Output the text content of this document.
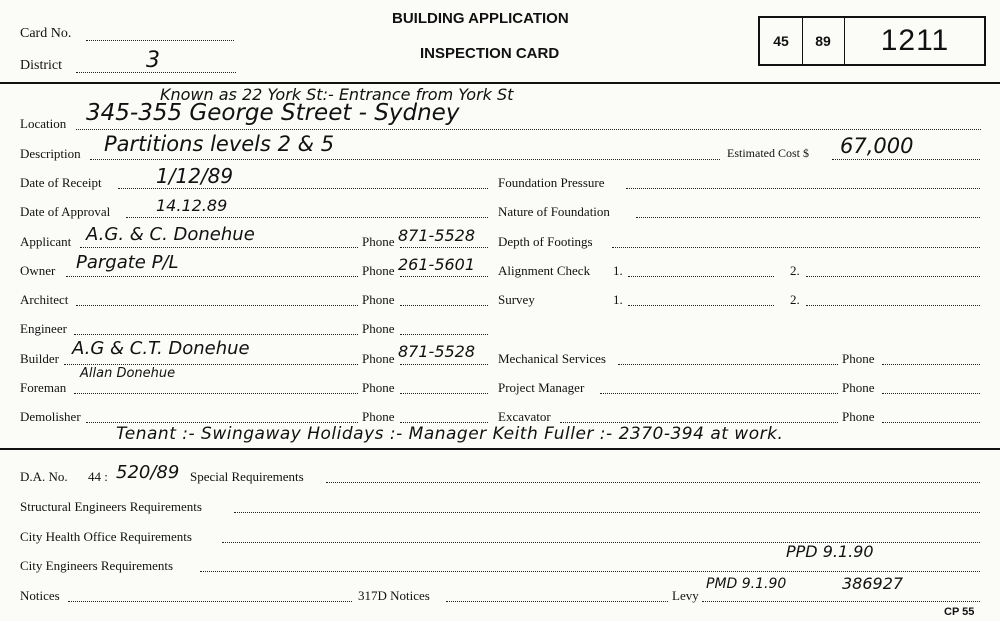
Card No.
District	3
BUILDING APPLICATION
INSPECTION CARD
45	89	1211
Known as 22 York St:- Entrance from York St
Location 345-355 George Street - Sydney
Description Partitions levels 2 & 5	Estimated Cost $ 67,000
Date of Receipt	1/12/89
Date of Approval	14.12.89
Applicant A.G. & C. Donehue	Phone 871-5528
Owner Pargate P/L	Phone 261-5601
Architect	Phone
Engineer	Phone
Builder A.G & C.T. Donehue	Phone 871-5528
Allan Donehue
Foreman	Phone
Demolisher	Phone
Foundation Pressure
Nature of Foundation
Depth of Footings
Alignment Check 1.	2.
Survey	1.	2.
Mechanical Services	Phone
Project Manager	Phone
Excavator	Phone
Tenant :- Swingaway Holidays :- Manager Keith Fuller :- 2370-394 at work.
D.A. No. 44 : 520/89 Special Requirements
Structural Engineers Requirements
City Health Office Requirements
PPD 9.1.90
City Engineers Requirements
Notices	317D Notices	Levy
PMD 9.1.90	386927
CP 55
